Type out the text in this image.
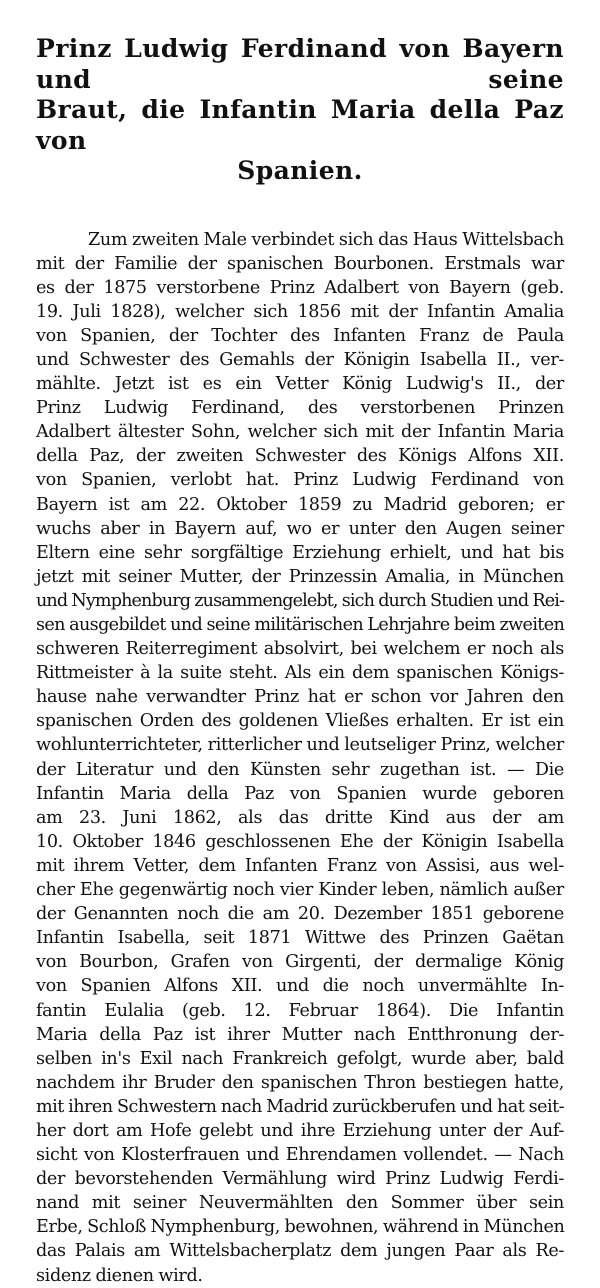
Prinz Ludwig Ferdinand von Bayern und seine
Braut, die Infantin Maria della Paz von
Spanien.
Zum zweiten Male verbindet sich das Haus Wittelsbach
mit der Familie der spanischen Bourbonen. Erstmals war
es der 1875 verstorbene Prinz Adalbert von Bayern (geb.
19. Juli 1828), welcher sich 1856 mit der Infantin Amalia
von Spanien, der Tochter des Infanten Franz de Paula
und Schwester des Gemahls der Königin Isabella II., ver-
mählte. Jetzt ist es ein Vetter König Ludwig's II., der
Prinz Ludwig Ferdinand, des verstorbenen Prinzen
Adalbert ältester Sohn, welcher sich mit der Infantin Maria
della Paz, der zweiten Schwester des Königs Alfons XII.
von Spanien, verlobt hat. Prinz Ludwig Ferdinand von
Bayern ist am 22. Oktober 1859 zu Madrid geboren; er
wuchs aber in Bayern auf, wo er unter den Augen seiner
Eltern eine sehr sorgfältige Erziehung erhielt, und hat bis
jetzt mit seiner Mutter, der Prinzessin Amalia, in München
und Nymphenburg zusammengelebt, sich durch Studien und Rei-
sen ausgebildet und seine militärischen Lehrjahre beim zweiten
schweren Reiterregiment absolvirt, bei welchem er noch als
Rittmeister à la suite steht. Als ein dem spanischen Königs-
hause nahe verwandter Prinz hat er schon vor Jahren den
spanischen Orden des goldenen Vließes erhalten. Er ist ein
wohlunterrichteter, ritterlicher und leutseliger Prinz, welcher
der Literatur und den Künsten sehr zugethan ist. — Die
Infantin Maria della Paz von Spanien wurde geboren
am 23. Juni 1862, als das dritte Kind aus der am
10. Oktober 1846 geschlossenen Ehe der Königin Isabella
mit ihrem Vetter, dem Infanten Franz von Assisi, aus wel-
cher Ehe gegenwärtig noch vier Kinder leben, nämlich außer
der Genannten noch die am 20. Dezember 1851 geborene
Infantin Isabella, seit 1871 Wittwe des Prinzen Gaëtan
von Bourbon, Grafen von Girgenti, der dermalige König
von Spanien Alfons XII. und die noch unvermählte In-
fantin Eulalia (geb. 12. Februar 1864). Die Infantin
Maria della Paz ist ihrer Mutter nach Entthronung der-
selben in's Exil nach Frankreich gefolgt, wurde aber, bald
nachdem ihr Bruder den spanischen Thron bestiegen hatte,
mit ihren Schwestern nach Madrid zurückberufen und hat seit-
her dort am Hofe gelebt und ihre Erziehung unter der Auf-
sicht von Klosterfrauen und Ehrendamen vollendet. — Nach
der bevorstehenden Vermählung wird Prinz Ludwig Ferdi-
nand mit seiner Neuvermählten den Sommer über sein
Erbe, Schloß Nymphenburg, bewohnen, während in München
das Palais am Wittelsbacherplatz dem jungen Paar als Re-
sidenz dienen wird.
